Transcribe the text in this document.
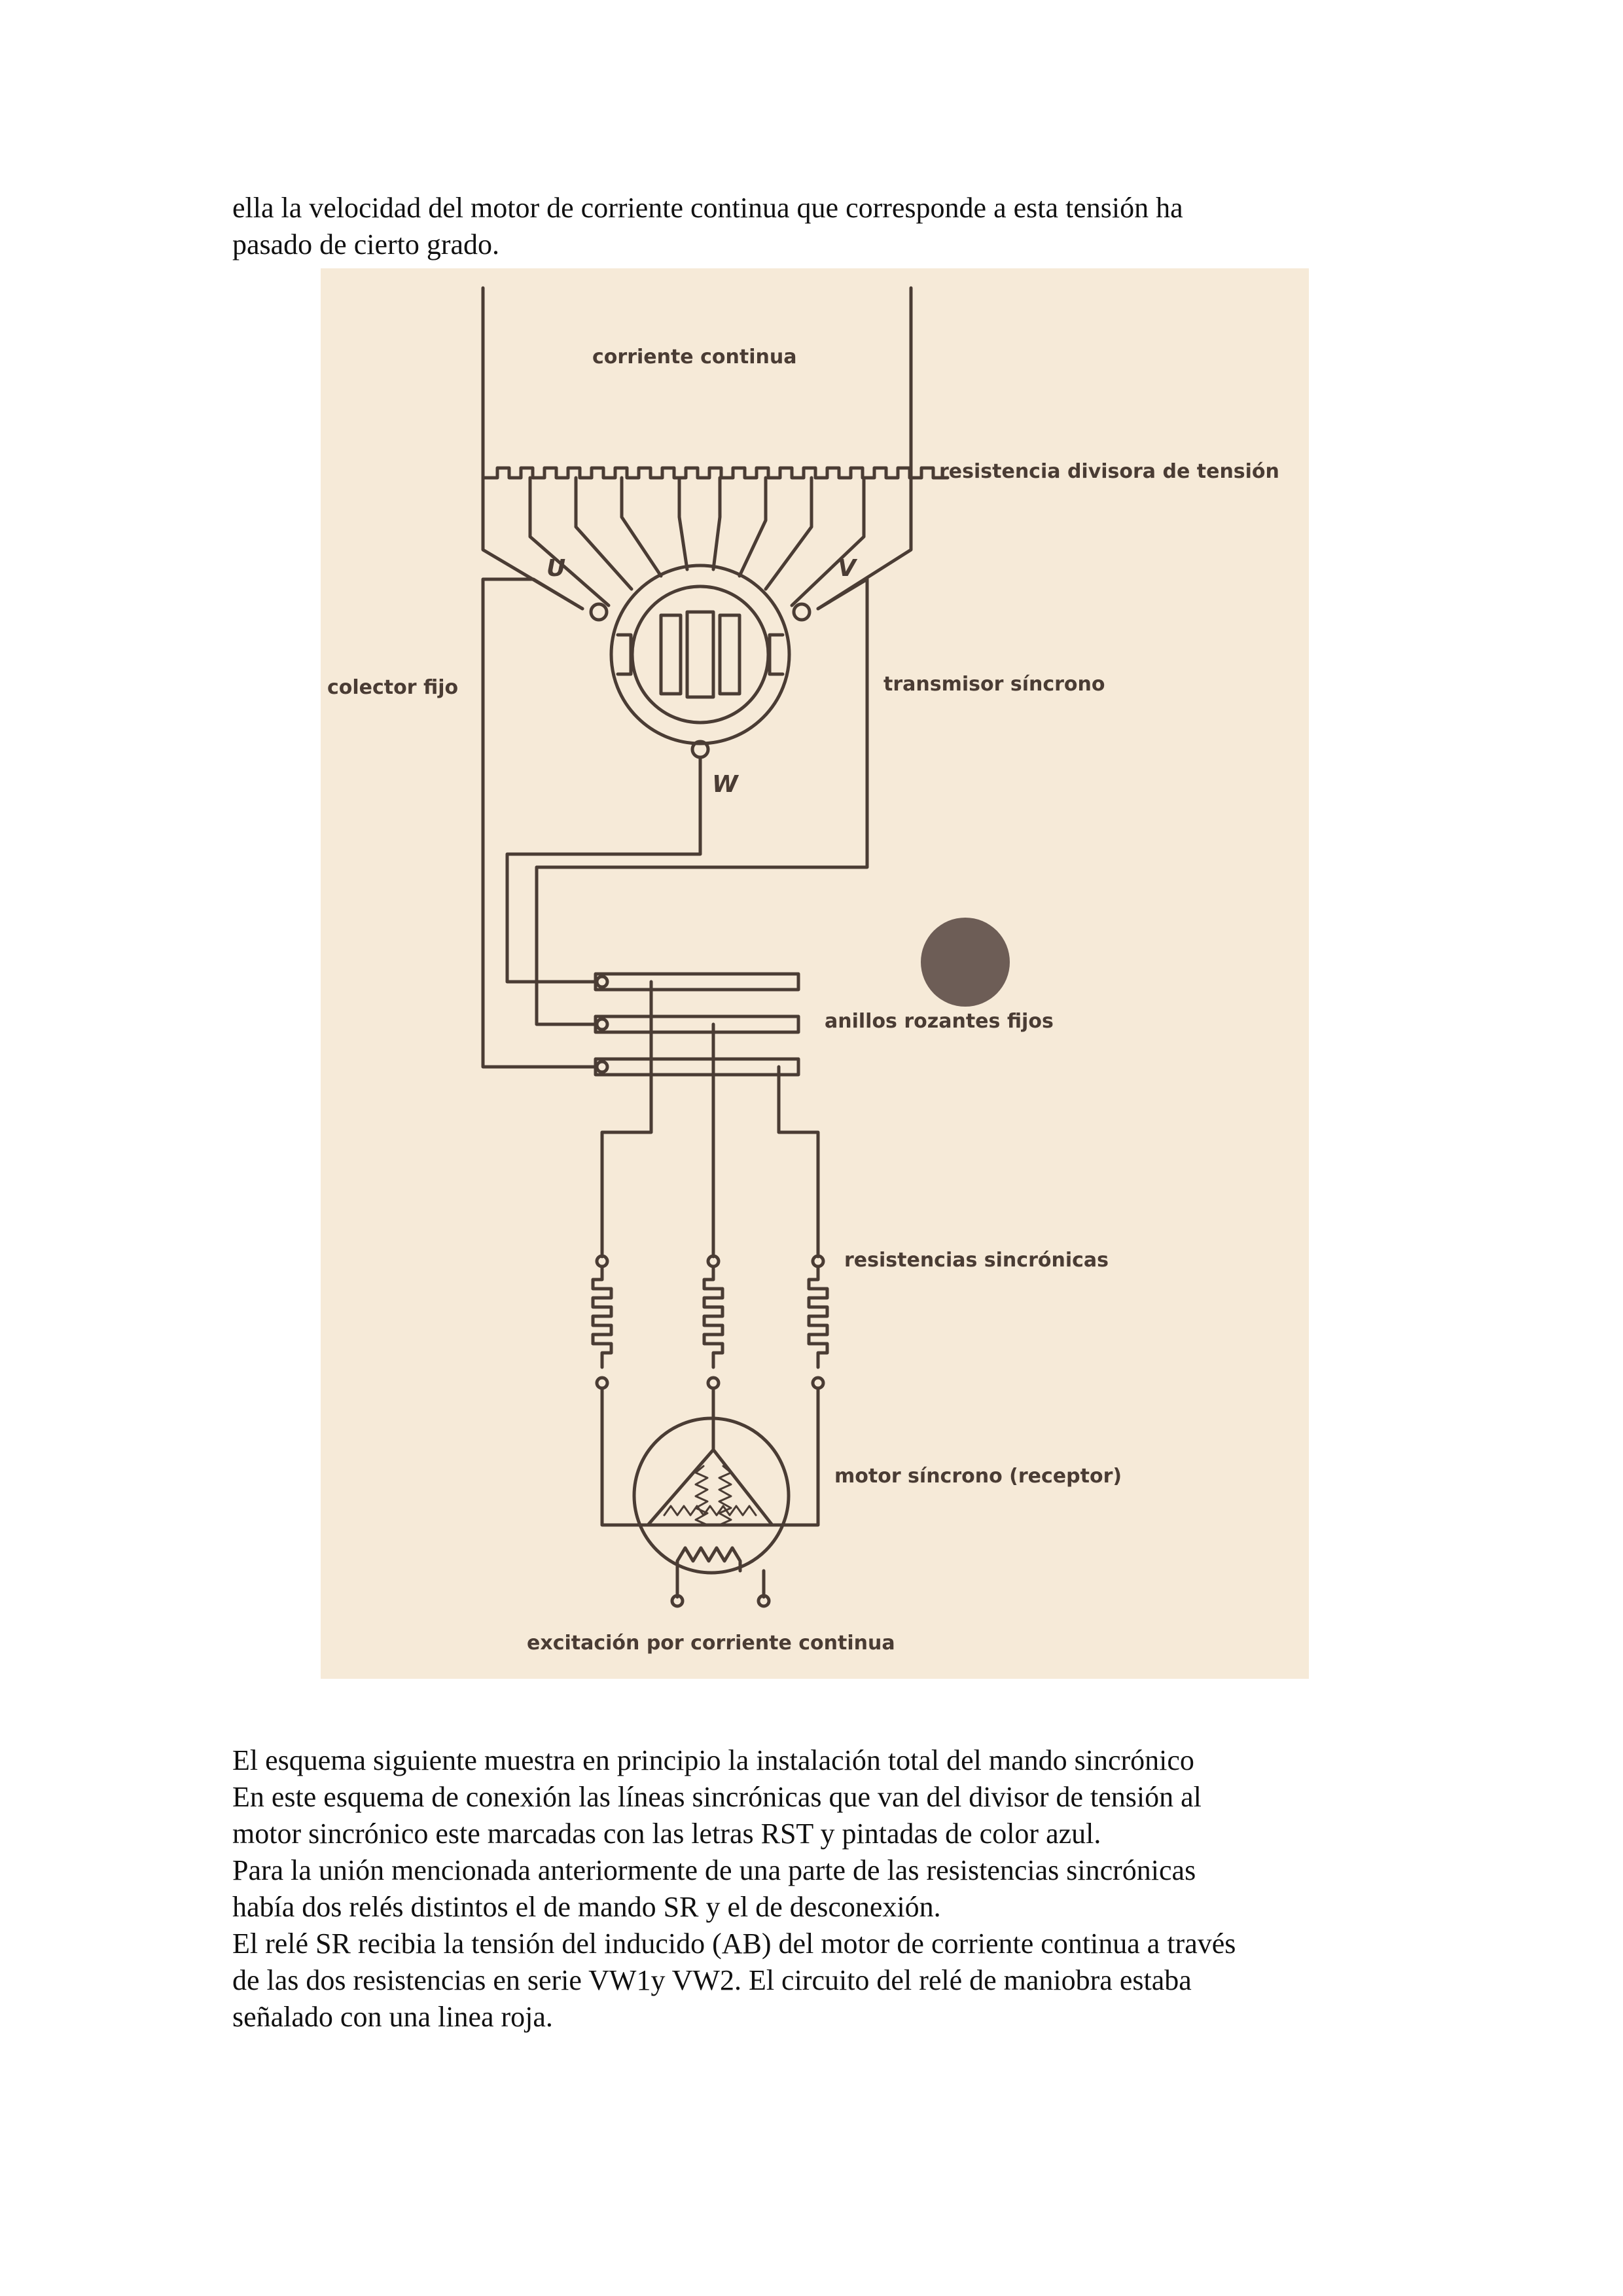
ella la velocidad del motor de corriente continua que corresponde a esta tensión ha
pasado de cierto grado.
corriente continua
resistencia divisora de tensión
colector fijo	transmisor síncrono
anillos rozantes fijos
resistencias sincrónicas
motor síncrono (receptor)
excitación por corriente continua
U	V
W
El esquema siguiente muestra en principio la instalación total del mando sincrónico
En este esquema de conexión las líneas sincrónicas que van del divisor de tensión al
motor sincrónico este marcadas con las letras RST y pintadas de color azul.
Para la unión mencionada anteriormente de una parte de las resistencias sincrónicas
había dos relés distintos el de mando SR y el de desconexión.
El relé SR recibia la tensión del inducido (AB) del motor de corriente continua a través
de las dos resistencias en serie VW1y VW2. El circuito del relé de maniobra estaba
señalado con una linea roja.
